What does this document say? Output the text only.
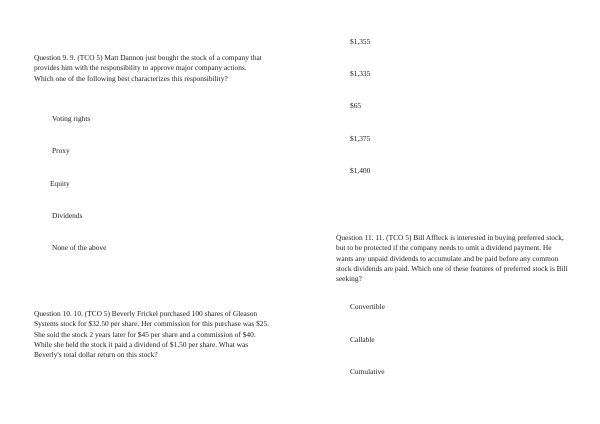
Question 9. 9. (TCO 5) Matt Dannon just bought the stock of a company that provides him with the responsibility to approve major company actions. Which one of the following best characterizes this responsibility?
Voting rights
Proxy
Equity
Dividends
None of the above
Question 10. 10. (TCO 5) Beverly Frickel purchased 100 shares of Gleason Systems stock for $32.50 per share. Her commission for this purchase was $25. She sold the stock 2 years later for $45 per share and a commission of $40. While she held the stock it paid a dividend of $1.50 per share. What was Beverly's total dollar return on this stock?
$1,355
$1,335
$65
$1,375
$1,400
Question 11. 11. (TCO 5) Bill Affleck is interested in buying preferred stock, but to be protected if the company needs to omit a dividend payment. He wants any unpaid dividends to accumulate and be paid before any common stock dividends are paid. Which one of these features of preferred stock is Bill seeking?
Convertible
Callable
Cumulative
